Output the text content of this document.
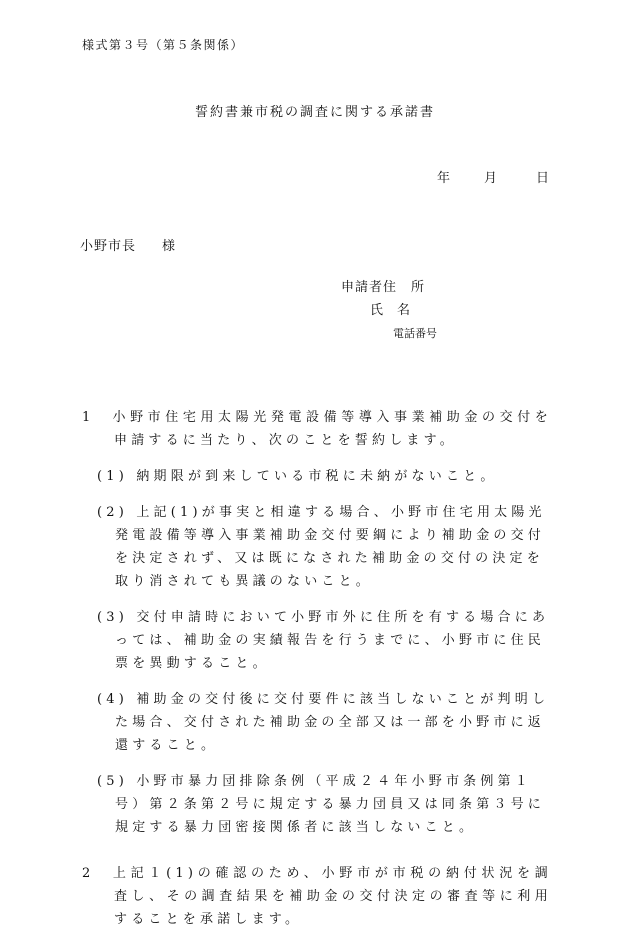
様式第３号（第５条関係）
誓約書兼市税の調査に関する承諾書
年	月	日
小野市長 様
申請者住　所
氏名
電話番号

1　 小野市住宅用太陽光発電設備等導入事業補助金の交付を申請するに当たり、次のことを誓約します。

(1) 納期限が到来している市税に未納がないこと。

(2) 上記(1)が事実と相違する場合、小野市住宅用太陽光発電設備等導入事業補助金交付要綱により補助金の交付を決定されず、又は既になされた補助金の交付の決定を取り消されても異議のないこと。

(3) 交付申請時において小野市外に住所を有する場合にあっては、補助金の実績報告を行うまでに、小野市に住民票を異動すること。

(4) 補助金の交付後に交付要件に該当しないことが判明した場合、交付された補助金の全部又は一部を小野市に返還すること。

(5) 小野市暴力団排除条例（平成２４年小野市条例第１号）第２条第２号に規定する暴力団員又は同条第３号に規定する暴力団密接関係者に該当しないこと。

2　 上記１(1)の確認のため、小野市が市税の納付状況を調査し、その調査結果を補助金の交付決定の審査等に利用することを承諾します。
